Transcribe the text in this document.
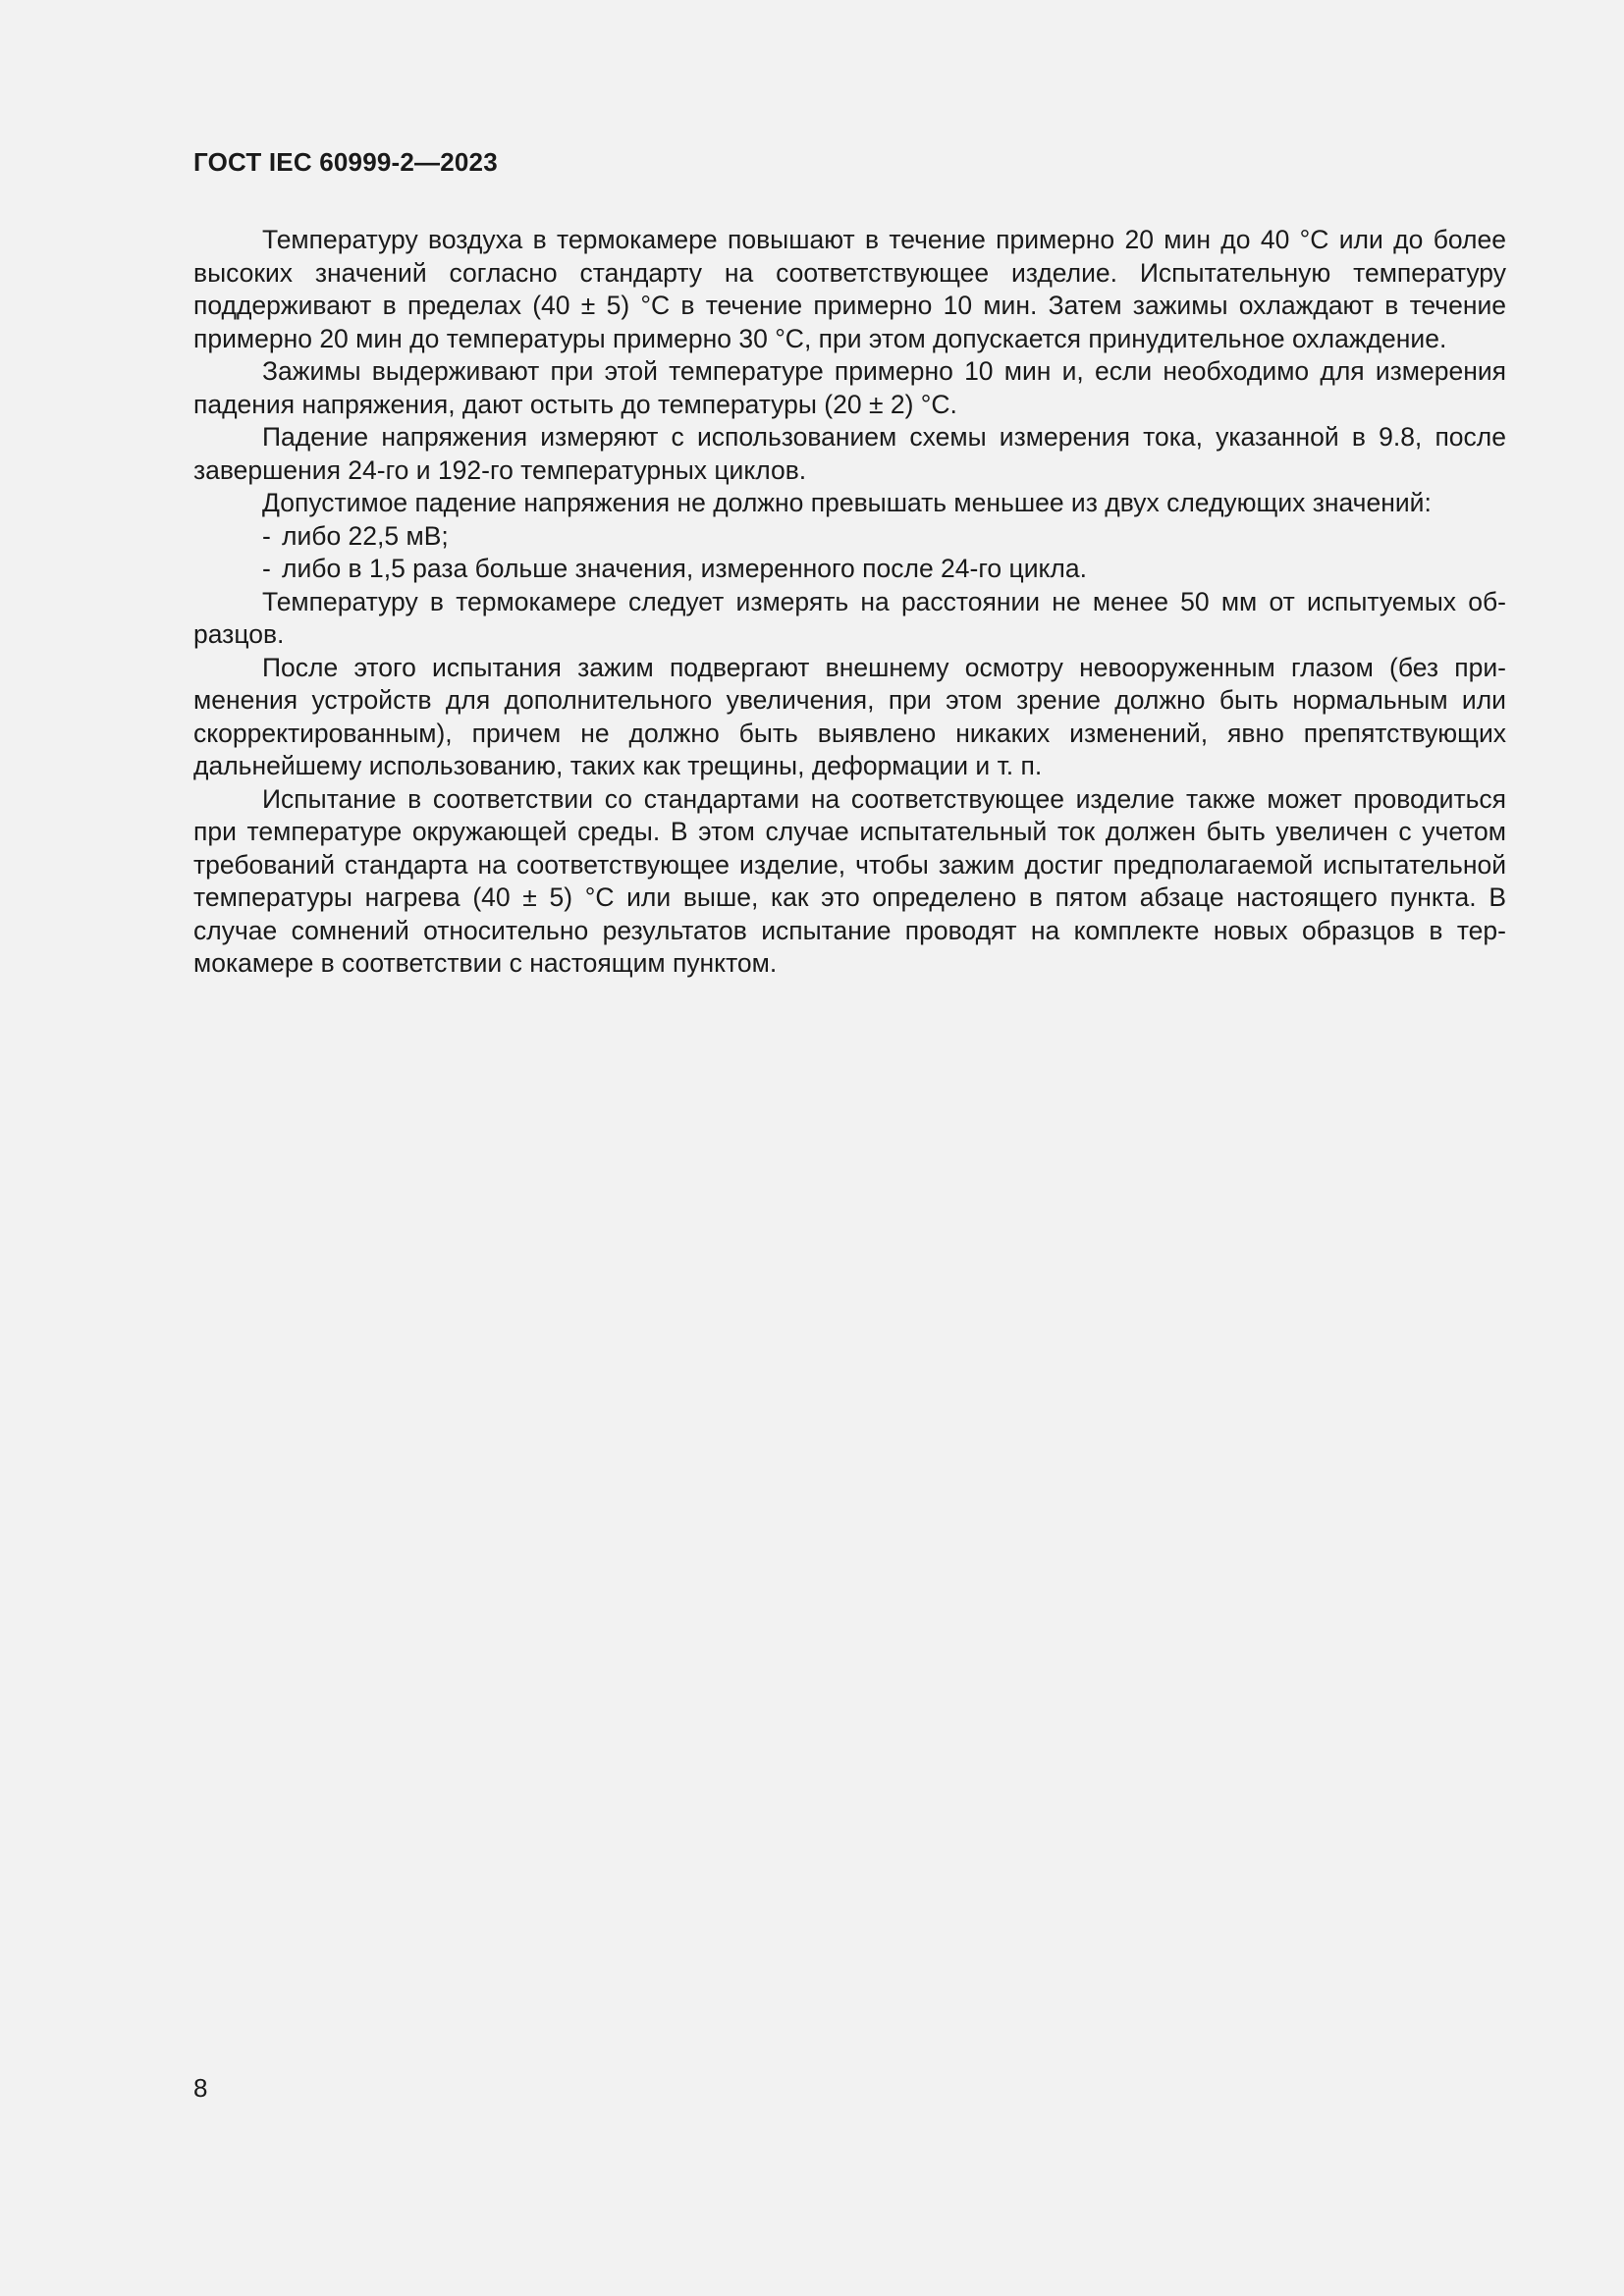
ГОСТ IEC 60999-2—2023

Температуру воздуха в термокамере повышают в течение примерно 20 мин до 40 °С или до более высоких значений согласно стандарту на соответствующее изделие. Испытательную температуру поддерживают в пределах (40 ± 5) °С в течение примерно 10 мин. Затем зажимы охлаждают в течение примерно 20 мин до температуры примерно 30 °С, при этом допускается принудительное охлаждение.

Зажимы выдерживают при этой температуре примерно 10 мин и, если необходимо для измерения падения напряжения, дают остыть до температуры (20 ± 2) °С.

Падение напряжения измеряют с использованием схемы измерения тока, указанной в 9.8, после завершения 24-го и 192-го температурных циклов.

Допустимое падение напряжения не должно превышать меньшее из двух следующих значений:

- либо 22,5 мВ;

- либо в 1,5 раза больше значения, измеренного после 24-го цикла.

Температуру в термокамере следует измерять на расстоянии не менее 50 мм от испытуемых образцов.

После этого испытания зажим подвергают внешнему осмотру невооруженным глазом (без применения устройств для дополнительного увеличения, при этом зрение должно быть нормальным или скорректированным), причем не должно быть выявлено никаких изменений, явно препятствующих дальнейшему использованию, таких как трещины, деформации и т. п.

Испытание в соответствии со стандартами на соответствующее изделие также может проводиться при температуре окружающей среды. В этом случае испытательный ток должен быть увеличен с учетом требований стандарта на соответствующее изделие, чтобы зажим достиг предполагаемой испытательной температуры нагрева (40 ± 5) °С или выше, как это определено в пятом абзаце настоящего пункта. В случае сомнений относительно результатов испытание проводят на комплекте новых образцов в термокамере в соответствии с настоящим пунктом.

8
